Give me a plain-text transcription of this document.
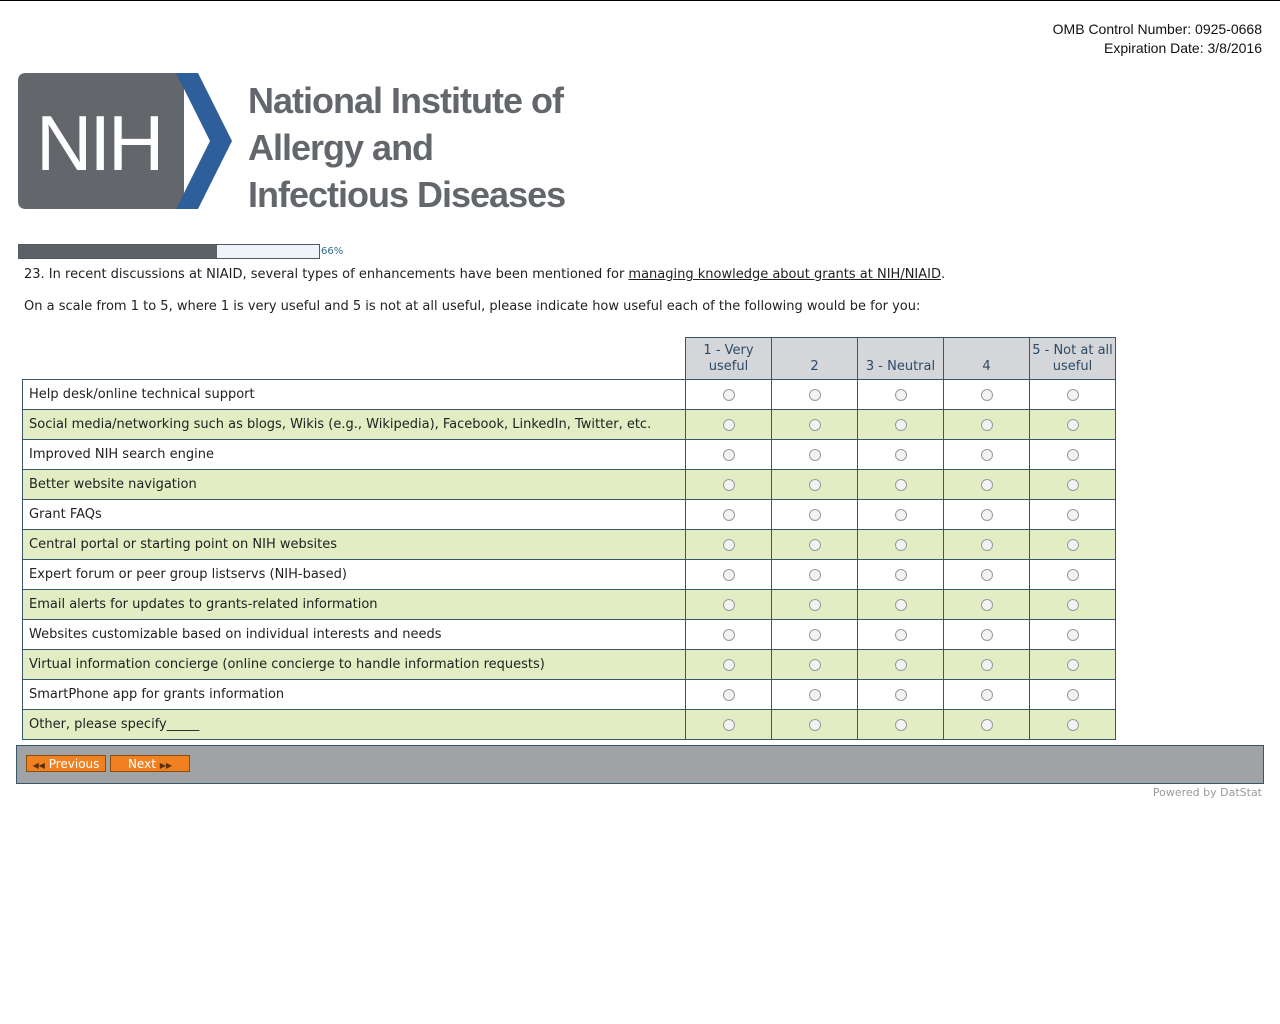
OMB Control Number: 0925-0668
Expiration Date: 3/8/2016
NIH National Institute of
Allergy and
Infectious Diseases
66%
23. In recent discussions at NIAID, several types of enhancements have been mentioned for managing knowledge about grants at NIH/NIAID.
On a scale from 1 to 5, where 1 is very useful and 5 is not at all useful, please indicate how useful each of the following would be for you:
	1 - Very useful	2	3 - Neutral	4	5 - Not at all useful
Help desk/online technical support					
Social media/networking such as blogs, Wikis (e.g., Wikipedia), Facebook, LinkedIn, Twitter, etc.					
Improved NIH search engine					
Better website navigation					
Grant FAQs					
Central portal or starting point on NIH websites					
Expert forum or peer group listservs (NIH-based)					
Email alerts for updates to grants-related information					
Websites customizable based on individual interests and needs					
Virtual information concierge (online concierge to handle information requests)					
SmartPhone app for grants information					
Other, please specify_____					
◀◀ Previous	Next ▶▶
Powered by DatStat
